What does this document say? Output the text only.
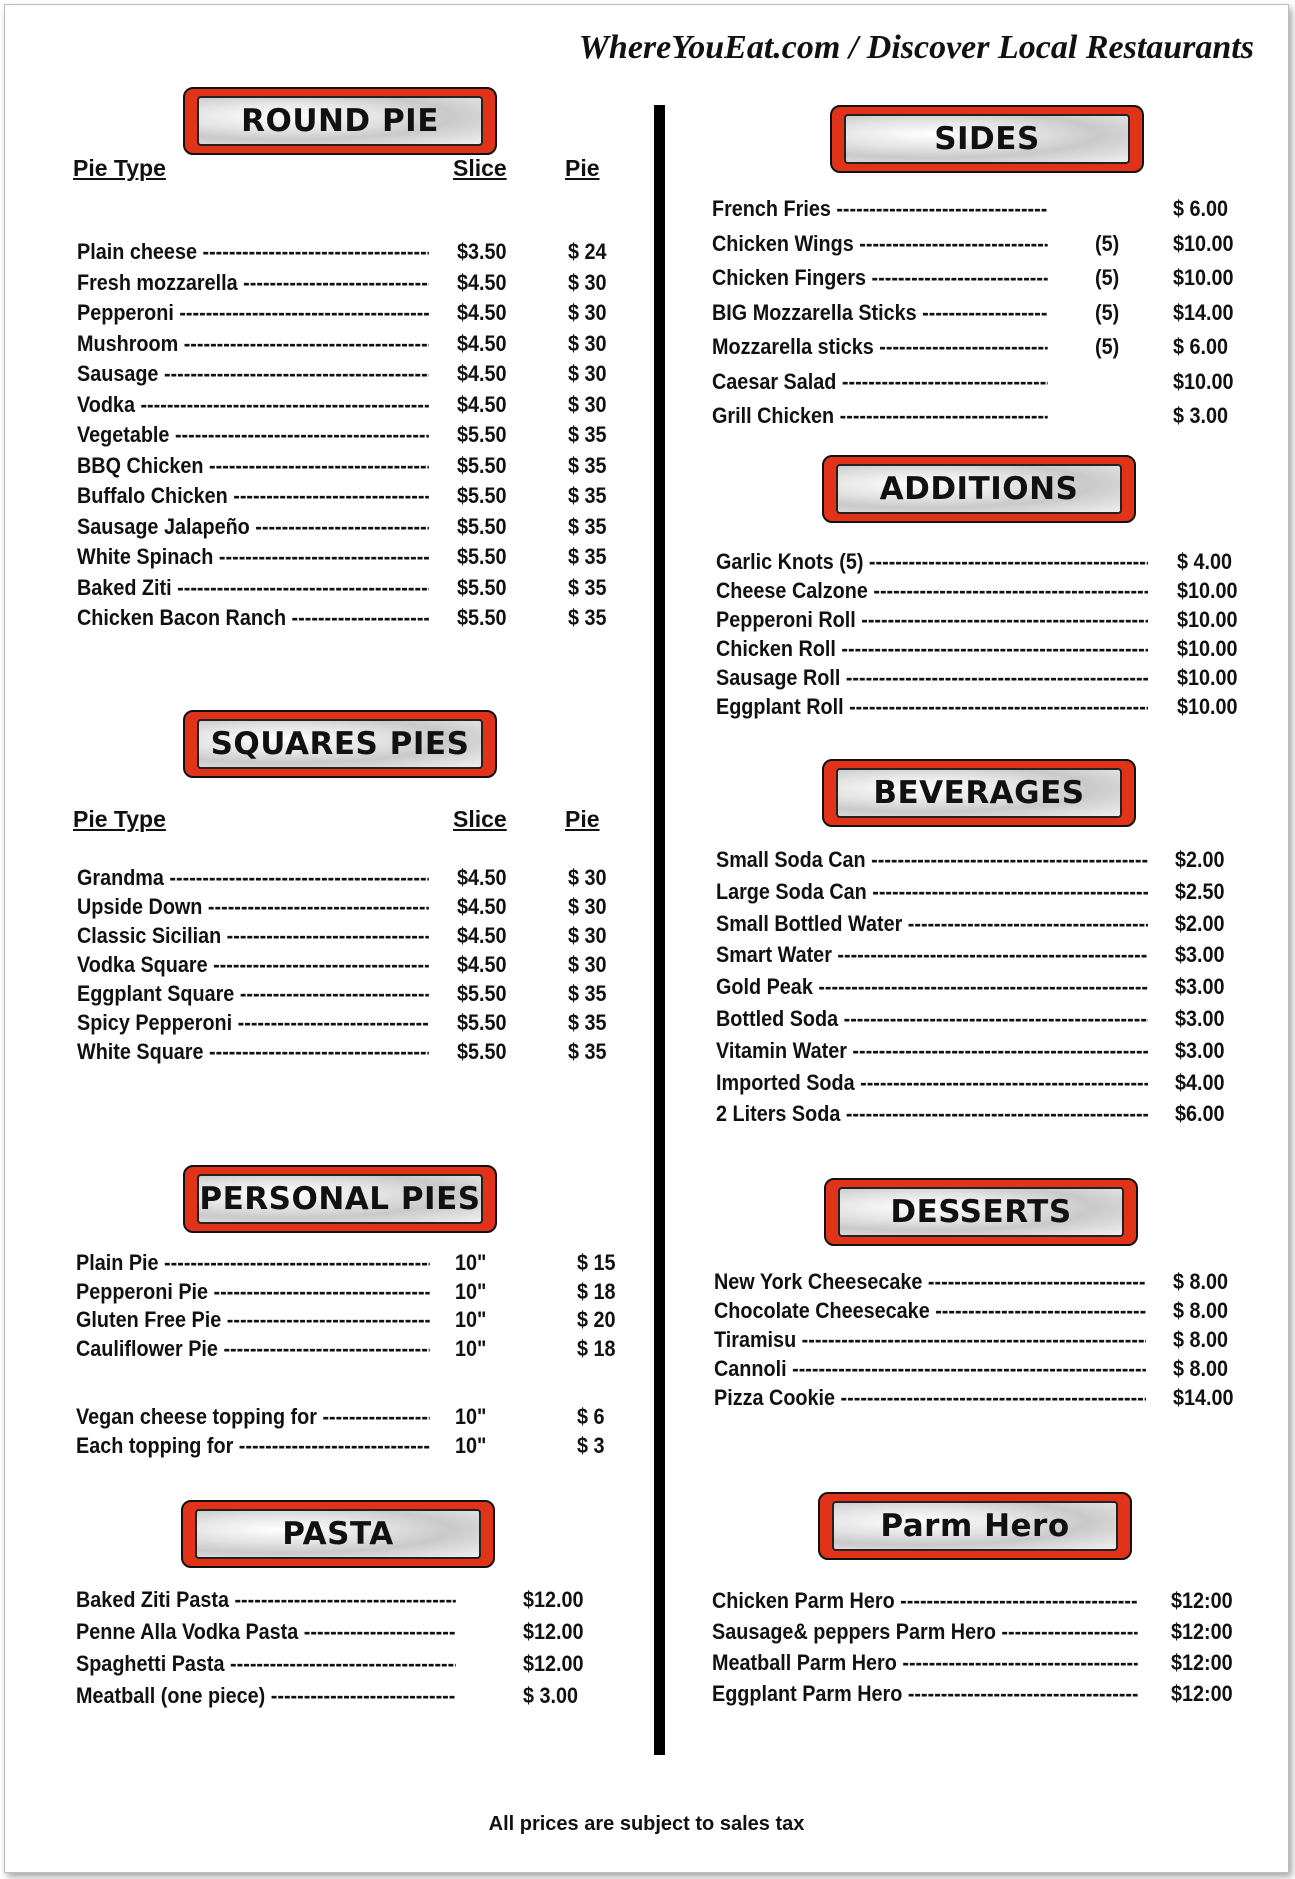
WhereYouEat.com / Discover Local Restaurants
ROUND PIE
Pie Type	Slice	Pie
Plain cheese -----	$3.50	$ 24
Fresh mozzarella -----	$4.50	$ 30
Pepperoni -----	$4.50	$ 30
Mushroom -----	$4.50	$ 30
Sausage -----	$4.50	$ 30
Vodka -----	$4.50	$ 30
Vegetable -----	$5.50	$ 35
BBQ Chicken -----	$5.50	$ 35
Buffalo Chicken -----	$5.50	$ 35
Sausage Jalapeño -----	$5.50	$ 35
White Spinach -----	$5.50	$ 35
Baked Ziti -----	$5.50	$ 35
Chicken Bacon Ranch -----	$5.50	$ 35
SQUARES PIES
Pie Type	Slice	Pie
Grandma -----	$4.50	$ 30
Upside Down -----	$4.50	$ 30
Classic Sicilian -----	$4.50	$ 30
Vodka Square -----	$4.50	$ 30
Eggplant Square -----	$5.50	$ 35
Spicy Pepperoni -----	$5.50	$ 35
White Square -----	$5.50	$ 35
PERSONAL PIES
Plain Pie -----	10"	$ 15
Pepperoni Pie -----	10"	$ 18
Gluten Free Pie -----	10"	$ 20
Cauliflower Pie -----	10"	$ 18
Vegan cheese topping for -----	10"	$ 6
Each topping for -----	10"	$ 3
PASTA
Baked Ziti Pasta -----	$12.00
Penne Alla Vodka Pasta -----	$12.00
Spaghetti Pasta -----	$12.00
Meatball (one piece) -----	$ 3.00
SIDES
French Fries -----	$ 6.00
Chicken Wings -----	(5) $10.00
Chicken Fingers -----	(5) $10.00
BIG Mozzarella Sticks -----	(5) $14.00
Mozzarella sticks -----	(5) $ 6.00
Caesar Salad -----	$10.00
Grill Chicken -----	$ 3.00
ADDITIONS
Garlic Knots (5) -----	$ 4.00
Cheese Calzone -----	$10.00
Pepperoni Roll -----	$10.00
Chicken Roll -----	$10.00
Sausage Roll -----	$10.00
Eggplant Roll -----	$10.00
BEVERAGES
Small Soda Can -----	$2.00
Large Soda Can -----	$2.50
Small Bottled Water -----	$2.00
Smart Water -----	$3.00
Gold Peak -----	$3.00
Bottled Soda -----	$3.00
Vitamin Water -----	$3.00
Imported Soda -----	$4.00
2 Liters Soda -----	$6.00
DESSERTS
New York Cheesecake -----	$ 8.00
Chocolate Cheesecake -----	$ 8.00
Tiramisu -----	$ 8.00
Cannoli -----	$ 8.00
Pizza Cookie -----	$14.00
Parm Hero
Chicken Parm Hero -----	$12:00
Sausage& peppers Parm Hero -----	$12:00
Meatball Parm Hero -----	$12:00
Eggplant Parm Hero -----	$12:00
All prices are subject to sales tax
